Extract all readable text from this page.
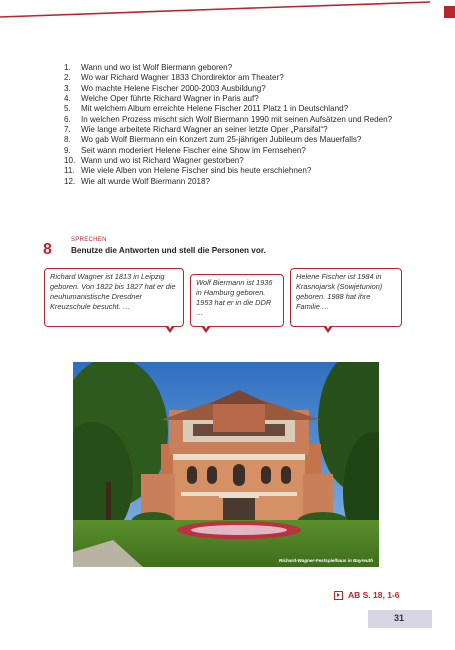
1.	Wann und wo ist Wolf Biermann geboren?
2.	Wo war Richard Wagner 1833 Chordirektor am Theater?
3.	Wo machte Helene Fischer 2000-2003 Ausbildung?
4.	Welche Oper führte Richard Wagner in Paris auf?
5.	Mit welchem Album erreichte Helene Fischer 2011 Platz 1 in Deutschland?
6.	In welchen Prozess mischt sich Wolf Biermann 1990 mit seinen Aufsätzen und Reden?
7.	Wie lange arbeitete Richard Wagner an seiner letzte Oper „Parsifal“?
8.	Wo gab Wolf Biermann ein Konzert zum 25-jährigen Jubileum des Mauerfalls?
9.	Seit wann moderiert Helene Fischer eine Show im Fernsehen?
10. Wann und wo ist Richard Wagner gestorben?
11. Wie viele Alben von Helene Fischer sind bis heute erschiehnen?
12. Wie alt wurde Wolf Biermann 2018?
SPRECHEN
8 Benutze die Antworten und stell die Personen vor.
Richard Wagner ist 1813 in Leipzig geboren. Von 1822 bis 1827 hat er die neuhumanistische Dresdner Kreuzschule besucht. …
Wolf Biermann ist 1936 in Hamburg geboren. 1953 hat er in die DDR …
Helene Fischer ist 1984 in Krasnojarsk (Sowjetunion) geboren. 1988 hat ihre Familie …
Richard-Wagner-Festspielhaus in Bayreuth
AB S. 18, 1-6
31
